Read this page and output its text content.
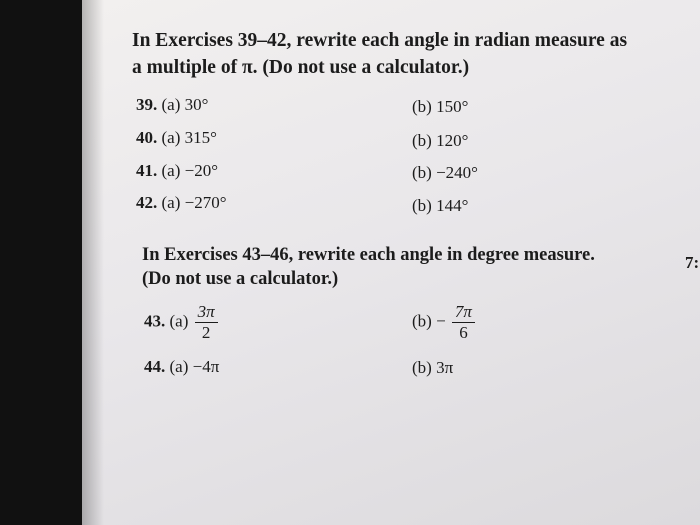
In Exercises 39–42, rewrite each angle in radian measure as
a multiple of π. (Do not use a calculator.)
39. (a) 30°	(b) 150°
40. (a) 315°	(b) 120°
41. (a) −20°	(b) −240°
42. (a) −270°	(b) 144°
In Exercises 43–46, rewrite each angle in degree measure.
(Do not use a calculator.)
7:
43. $(a) \frac{3\pi}{2}$	$(b) - \frac{7\pi}{6}$
44. (a) −4π	(b) 3π
